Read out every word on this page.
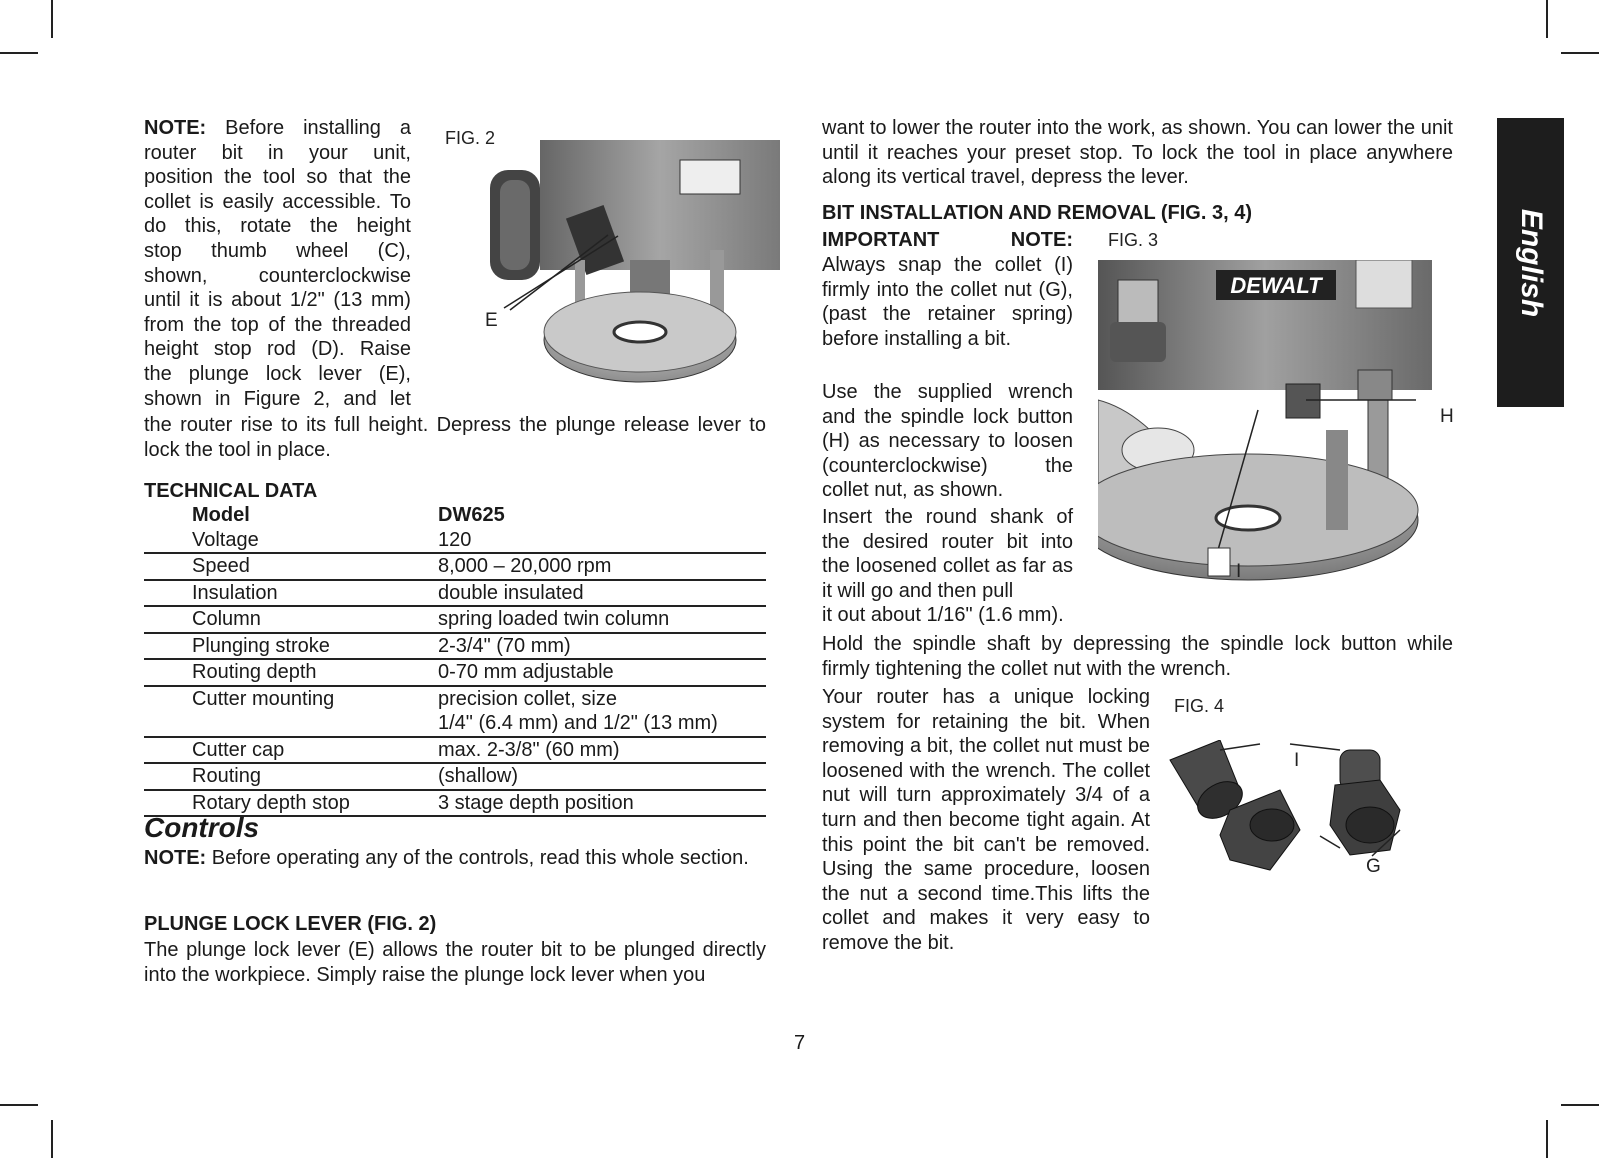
English
NOTE: Before installing a
router bit in your unit,
position the tool so that the
collet is easily accessible. To
do this, rotate the height
stop thumb wheel (C),
shown,	counterclockwise
until it is about 1/2" (13 mm)
from the top of the threaded
height stop rod (D). Raise
the plunge lock lever (E),
shown in Figure 2, and let
FIG. 2
E

the router rise to its full height. Depress the plunge release lever to lock the tool in place.

TECHNICAL DATA

Model	DW625
Voltage	120
Speed	8,000 – 20,000 rpm
Insulation	double insulated
Column	spring loaded twin column
Plunging stroke	2-3/4" (70 mm)
Routing depth	0-70 mm adjustable
Cutter mounting	precision collet, size
1/4" (6.4 mm) and 1/2" (13 mm)
Cutter cap	max. 2-3/8" (60 mm)
Routing	(shallow)
Rotary depth stop	3 stage depth position

Controls

NOTE: Before operating any of the controls, read this whole section.

PLUNGE LOCK LEVER (FIG. 2)

The plunge lock lever (E) allows the router bit to be plunged directly into the workpiece. Simply raise the plunge lock lever when you

want to lower the router into the work, as shown. You can lower the unit until it reaches your preset stop. To lock the tool in place anywhere along its vertical travel, depress the lever.

BIT INSTALLATION AND REMOVAL (FIG. 3, 4)

IMPORTANT NOTE: FIG. 3

Always snap the collet (I) firmly into the collet nut (G), (past the retainer spring) before installing a bit.

Use the supplied wrench and the spindle lock button (H) as necessary to loosen (counterclockwise) the collet nut, as shown.

Insert the round shank of the desired router bit into the loosened collet as far as it will go and then pull

it out about 1/16" (1.6 mm).

DEWALT
H
I

Hold the spindle shaft by depressing the spindle lock button while firmly tightening the collet nut with the wrench.

Your router has a unique locking system for retaining the bit. When removing a bit, the collet nut must be loosened with the wrench. The collet nut will turn approximately 3/4 of a turn and then become tight again. At this point the bit can't be removed. Using the same procedure, loosen the nut a second time.This lifts the collet and makes it very easy to remove the bit.

FIG. 4
I
G
7
